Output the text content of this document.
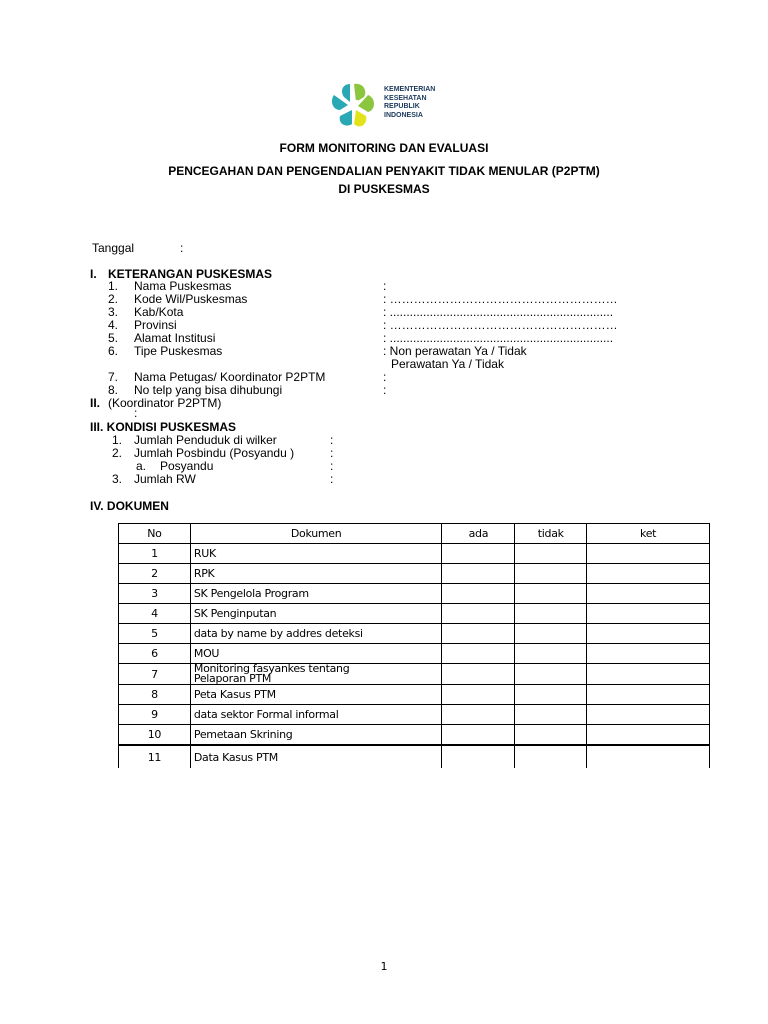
KEMENTERIAN
KESEHATAN
REPUBLIK
INDONESIA
FORM MONITORING DAN EVALUASI
PENCEGAHAN DAN PENGENDALIAN PENYAKIT TIDAK MENULAR (P2PTM)
DI PUSKESMAS
Tanggal	:
I. KETERANGAN PUSKESMAS
1. Nama Puskesmas	:
2. Kode Wil/Puskesmas	: …………………………………………………
3. Kab/Kota	: ...................................................................
4. Provinsi	: …………………………………………………
5. Alamat Institusi	: ...................................................................
6. Tipe Puskesmas	: Non perawatan Ya / Tidak
Perawatan Ya / Tidak
7. Nama Petugas/ Koordinator P2PTM	:
8. No telp yang bisa dihubungi	:
II. (Koordinator P2PTM)
:
III. KONDISI PUSKESMAS
1. Jumlah Penduduk di wilker	:
2. Jumlah Posbindu (Posyandu )	:
a. Posyandu	:
3. Jumlah RW	:
IV. DOKUMEN
No	Dokumen	ada	tidak	ket
1	RUK			
2	RPK			
3	SK Pengelola Program			
4	SK Penginputan			
5	data by name by addres deteksi			
6	MOU			
7	Monitoring fasyankes tentang
Pelaporan PTM			

8	Peta Kasus PTM			
9	data sektor Formal informal			
10	Pemetaan Skrining			
11	Data Kasus PTM			
1
